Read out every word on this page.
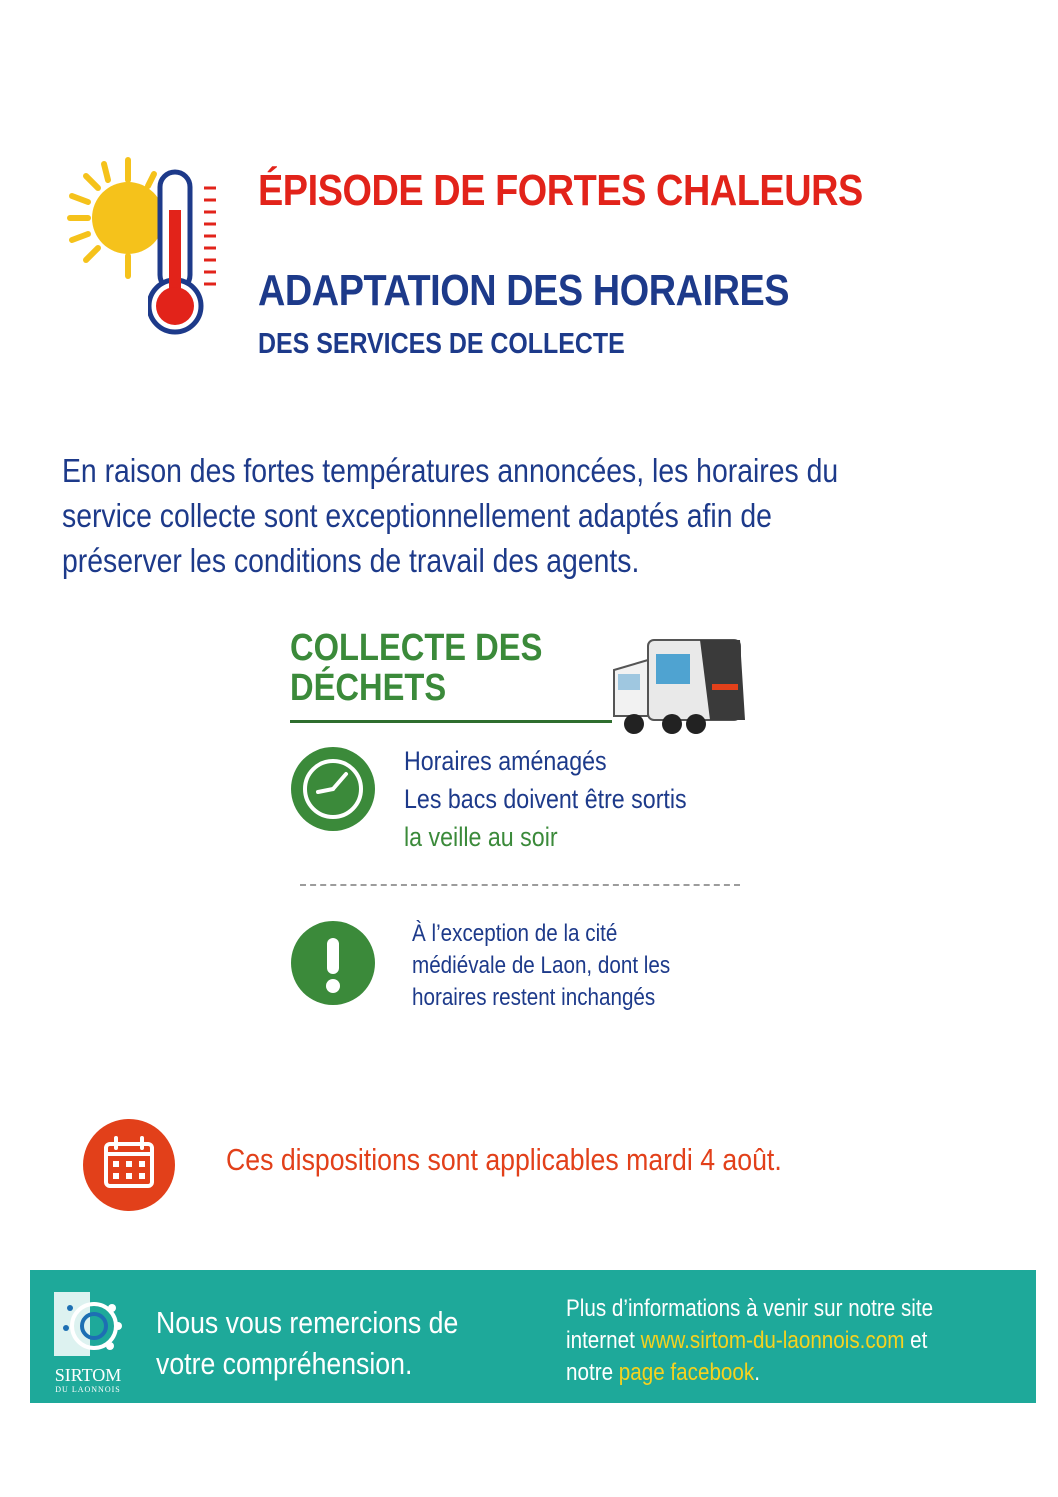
ÉPISODE DE FORTES CHALEURS
ADAPTATION DES HORAIRES
DES SERVICES DE COLLECTE
En raison des fortes températures annoncées, les horaires du
service collecte sont exceptionnellement adaptés afin de
préserver les conditions de travail des agents.
COLLECTE DES
DÉCHETS
Horaires aménagés
Les bacs doivent être sortis
la veille au soir
À l’exception de la cité
médiévale de Laon, dont les
horaires restent inchangés
Ces dispositions sont applicables mardi 4 août.
SIRTOM
DU LAONNOIS
Nous vous remercions de
votre compréhension.
Plus d’informations à venir sur notre site
internet www.sirtom-du-laonnois.com et
notre page facebook.
